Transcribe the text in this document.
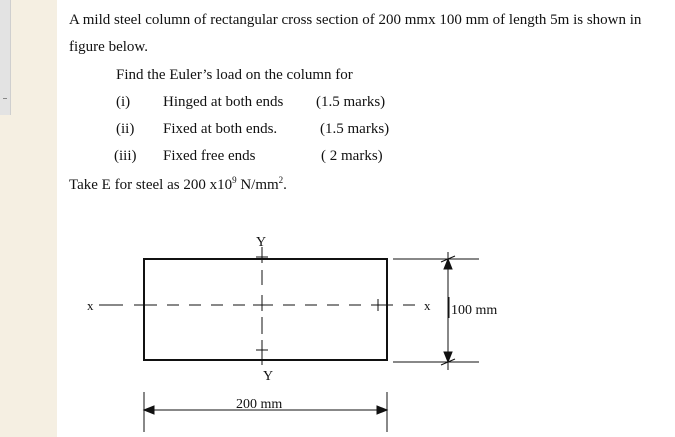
A mild steel column of rectangular cross section of 200 mmx 100 mm of length 5m is shown in
figure below.
Find the Euler’s load on the column for
(i) Hinged at both ends (1.5 marks)
(ii) Fixed at both ends.	(1.5 marks)
(iii) Fixed free ends	( 2 marks)
Take E for steel as 200 $x10^9$ $N/mm^2$.
Y
Y
x	x 100 mm
200 mm
